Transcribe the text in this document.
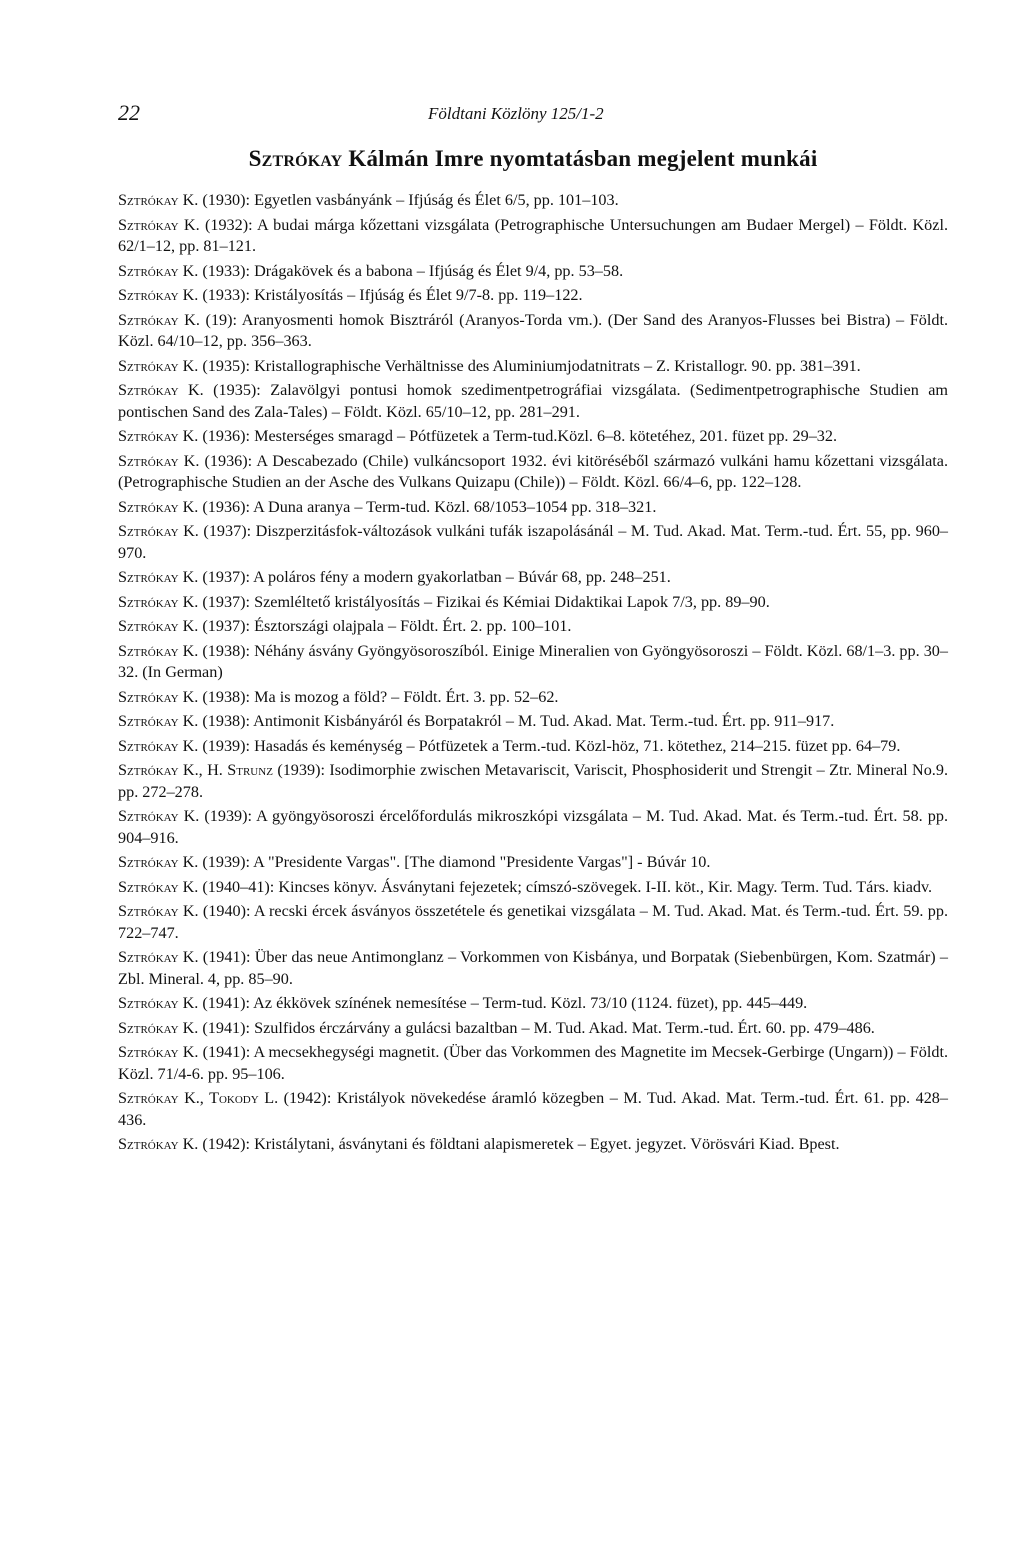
22	Földtani Közlöny 125/1-2
Sztrókay Kálmán Imre nyomtatásban megjelent munkái

Sztrókay K. (1930): Egyetlen vasbányánk – Ifjúság és Élet 6/5, pp. 101–103.

Sztrókay K. (1932): A budai márga kőzettani vizsgálata (Petrographische Untersuchungen am Budaer Mergel) – Földt. Közl. 62/1–12, pp. 81–121.

Sztrókay K. (1933): Drágakövek és a babona – Ifjúság és Élet 9/4, pp. 53–58.

Sztrókay K. (1933): Kristályosítás – Ifjúság és Élet 9/7-8. pp. 119–122.

Sztrókay K. (19): Aranyosmenti homok Bisztráról (Aranyos-Torda vm.). (Der Sand des Aranyos-Flusses bei Bistra) – Földt. Közl. 64/10–12, pp. 356–363.

Sztrókay K. (1935): Kristallographische Verhältnisse des Aluminiumjodatnitrats – Z. Kristallogr. 90. pp. 381–391.

Sztrókay K. (1935): Zalavölgyi pontusi homok szedimentpetrográfiai vizsgálata. (Sedimentpetrographische Studien am pontischen Sand des Zala-Tales) – Földt. Közl. 65/10–12, pp. 281–291.

Sztrókay K. (1936): Mesterséges smaragd – Pótfüzetek a Term-tud.Közl. 6–8. kötetéhez, 201. füzet pp. 29–32.

Sztrókay K. (1936): A Descabezado (Chile) vulkáncsoport 1932. évi kitöréséből származó vulkáni hamu kőzettani vizsgálata. (Petrographische Studien an der Asche des Vulkans Quizapu (Chile)) – Földt. Közl. 66/4–6, pp. 122–128.

Sztrókay K. (1936): A Duna aranya – Term-tud. Közl. 68/1053–1054 pp. 318–321.

Sztrókay K. (1937): Diszperzitásfok-változások vulkáni tufák iszapolásánál – M. Tud. Akad. Mat. Term.-tud. Ért. 55, pp. 960–970.

Sztrókay K. (1937): A poláros fény a modern gyakorlatban – Búvár 68, pp. 248–251.

Sztrókay K. (1937): Szemléltető kristályosítás – Fizikai és Kémiai Didaktikai Lapok 7/3, pp. 89–90.

Sztrókay K. (1937): Észtországi olajpala – Földt. Ért. 2. pp. 100–101.

Sztrókay K. (1938): Néhány ásvány Gyöngyösoroszíból. Einige Mineralien von Gyöngyösoroszi – Földt. Közl. 68/1–3. pp. 30–32. (In German)

Sztrókay K. (1938): Ma is mozog a föld? – Földt. Ért. 3. pp. 52–62.

Sztrókay K. (1938): Antimonit Kisbányáról és Borpatakról – M. Tud. Akad. Mat. Term.-tud. Ért. pp. 911–917.

Sztrókay K. (1939): Hasadás és keménység – Pótfüzetek a Term.-tud. Közl-höz, 71. kötethez, 214–215. füzet pp. 64–79.

Sztrókay K., H. Strunz (1939): Isodimorphie zwischen Metavariscit, Variscit, Phosphosiderit und Strengit – Ztr. Mineral No.9. pp. 272–278.

Sztrókay K. (1939): A gyöngyösoroszi ércelőfordulás mikroszkópi vizsgálata – M. Tud. Akad. Mat. és Term.-tud. Ért. 58. pp. 904–916.

Sztrókay K. (1939): A "Presidente Vargas". [The diamond "Presidente Vargas"] - Búvár 10.

Sztrókay K. (1940–41): Kincses könyv. Ásványtani fejezetek; címszó-szövegek. I-II. köt., Kir. Magy. Term. Tud. Társ. kiadv.

Sztrókay K. (1940): A recski ércek ásványos összetétele és genetikai vizsgálata – M. Tud. Akad. Mat. és Term.-tud. Ért. 59. pp. 722–747.

Sztrókay K. (1941): Über das neue Antimonglanz – Vorkommen von Kisbánya, und Borpatak (Siebenbürgen, Kom. Szatmár) – Zbl. Mineral. 4, pp. 85–90.

Sztrókay K. (1941): Az ékkövek színének nemesítése – Term-tud. Közl. 73/10 (1124. füzet), pp. 445–449.

Sztrókay K. (1941): Szulfidos érczárvány a gulácsi bazaltban – M. Tud. Akad. Mat. Term.-tud. Ért. 60. pp. 479–486.

Sztrókay K. (1941): A mecsekhegységi magnetit. (Über das Vorkommen des Magnetite im Mecsek-Gerbirge (Ungarn)) – Földt. Közl. 71/4-6. pp. 95–106.

Sztrókay K., Tokody L. (1942): Kristályok növekedése áramló közegben – M. Tud. Akad. Mat. Term.-tud. Ért. 61. pp. 428–436.

Sztrókay K. (1942): Kristálytani, ásványtani és földtani alapismeretek – Egyet. jegyzet. Vörösvári Kiad. Bpest.
